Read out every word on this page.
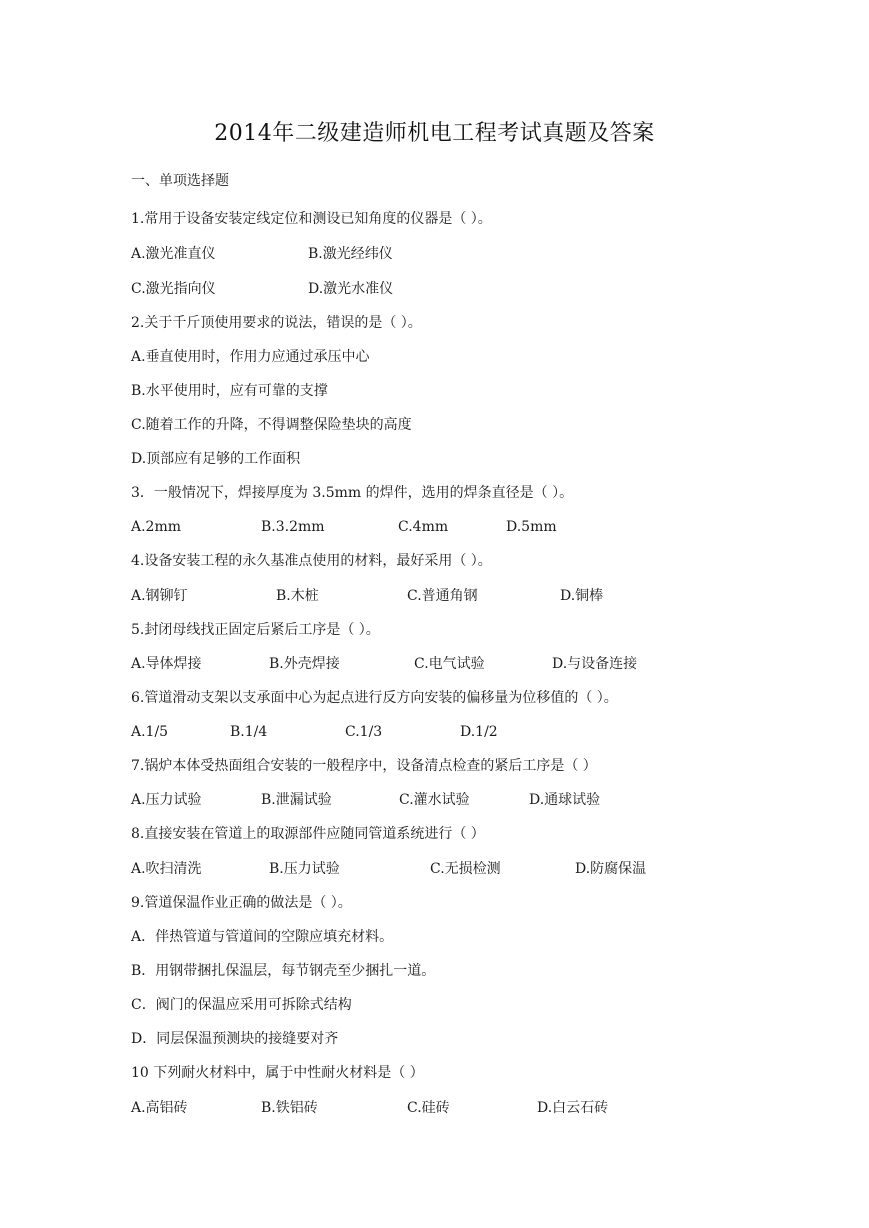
2014年二级建造师机电工程考试真题及答案
一、单项选择题
1.常用于设备安装定线定位和测设已知角度的仪器是（ ）。
A.激光准直仪	B.激光经纬仪
C.激光指向仪	D.激光水准仪
2.关于千斤顶使用要求的说法，错误的是（ ）。
A.垂直使用时，作用力应通过承压中心
B.水平使用时，应有可靠的支撑
C.随着工作的升降，不得调整保险垫块的高度
D.顶部应有足够的工作面积
3．一般情况下，焊接厚度为 3.5mm 的焊件，选用的焊条直径是（ ）。
A.2mm	B.3.2mm	C.4mm	D.5mm
4.设备安装工程的永久基准点使用的材料，最好采用（ ）。
A.钢铆钉	B.木桩	C.普通角钢	D.铜棒
5.封闭母线找正固定后紧后工序是（ ）。
A.导体焊接	B.外壳焊接	C.电气试验	D.与设备连接
6.管道滑动支架以支承面中心为起点进行反方向安装的偏移量为位移值的（ ）。
A.1/5	B.1/4	C.1/3	D.1/2
7.锅炉本体受热面组合安装的一般程序中，设备清点检查的紧后工序是（ ）
A.压力试验	B.泄漏试验	C.灌水试验	D.通球试验
8.直接安装在管道上的取源部件应随同管道系统进行（ ）
A.吹扫清洗	B.压力试验	C.无损检测	D.防腐保温
9.管道保温作业正确的做法是（ ）。
A．伴热管道与管道间的空隙应填充材料。
B．用钢带捆扎保温层，每节钢壳至少捆扎一道。
C．阀门的保温应采用可拆除式结构
D．同层保温预测块的接缝要对齐
10 下列耐火材料中，属于中性耐火材料是（ ）
A.高铝砖	B.铁铝砖	C.硅砖	D.白云石砖
